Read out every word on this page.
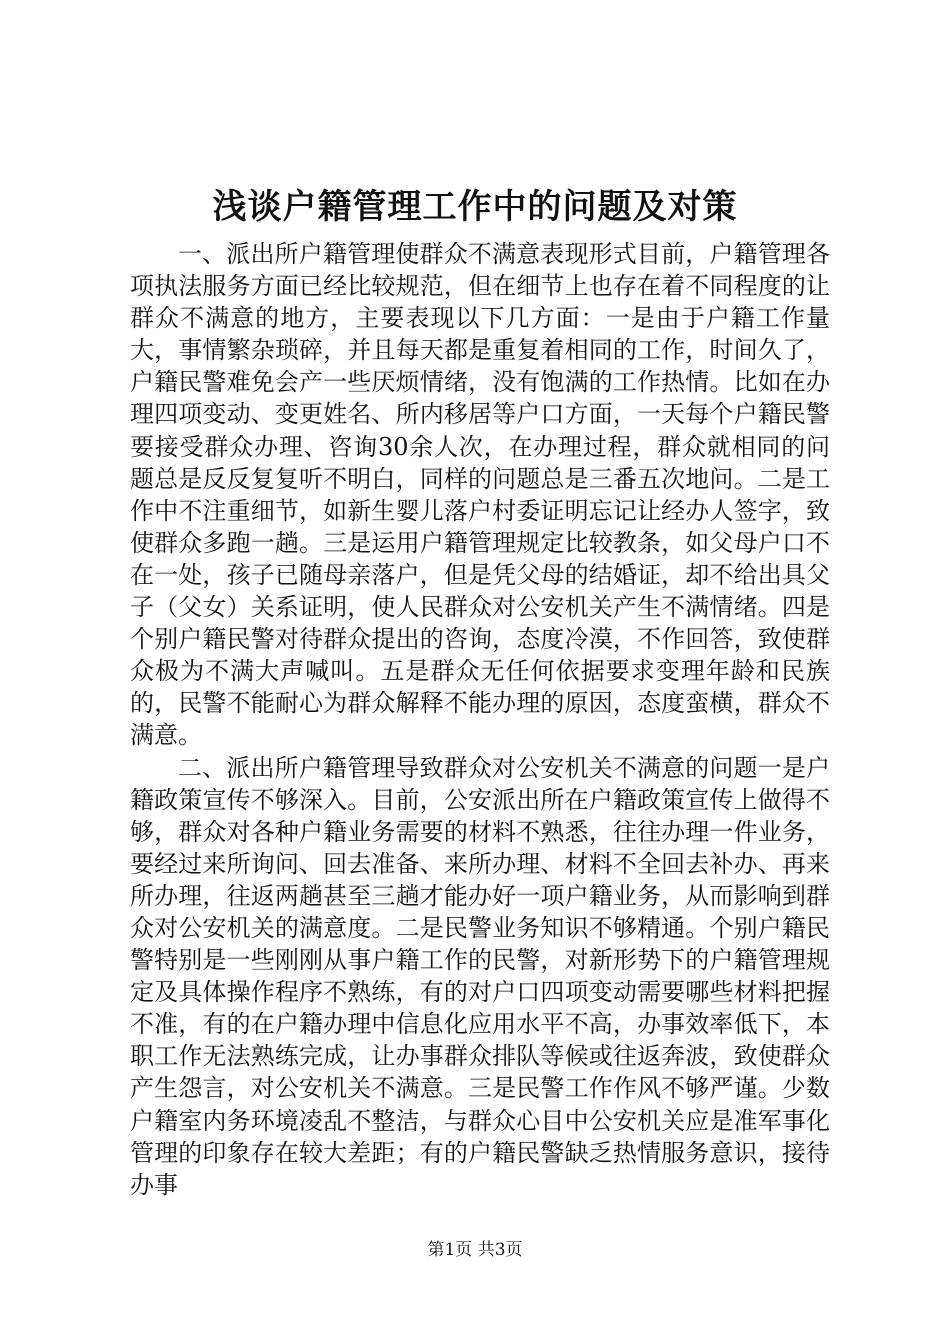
浅谈户籍管理工作中的问题及对策

一、派出所户籍管理使群众不满意表现形式目前，户籍管理各项执法服务方面已经比较规范，但在细节上也存在着不同程度的让群众不满意的地方，主要表现以下几方面：一是由于户籍工作量大，事情繁杂琐碎，并且每天都是重复着相同的工作，时间久了，户籍民警难免会产一些厌烦情绪，没有饱满的工作热情。比如在办理四项变动、变更姓名、所内移居等户口方面，一天每个户籍民警要接受群众办理、咨询30余人次，在办理过程，群众就相同的问题总是反反复复听不明白，同样的问题总是三番五次地问。二是工作中不注重细节，如新生婴儿落户村委证明忘记让经办人签字，致使群众多跑一趟。三是运用户籍管理规定比较教条，如父母户口不在一处，孩子已随母亲落户，但是凭父母的结婚证，却不给出具父子（父女）关系证明，使人民群众对公安机关产生不满情绪。四是个别户籍民警对待群众提出的咨询，态度冷漠，不作回答，致使群众极为不满大声喊叫。五是群众无任何依据要求变理年龄和民族的，民警不能耐心为群众解释不能办理的原因，态度蛮横，群众不满意。

二、派出所户籍管理导致群众对公安机关不满意的问题一是户籍政策宣传不够深入。目前，公安派出所在户籍政策宣传上做得不够，群众对各种户籍业务需要的材料不熟悉，往往办理一件业务，要经过来所询问、回去准备、来所办理、材料不全回去补办、再来所办理，往返两趟甚至三趟才能办好一项户籍业务，从而影响到群众对公安机关的满意度。二是民警业务知识不够精通。个别户籍民警特别是一些刚刚从事户籍工作的民警，对新形势下的户籍管理规定及具体操作程序不熟练，有的对户口四项变动需要哪些材料把握不准，有的在户籍办理中信息化应用水平不高，办事效率低下，本职工作无法熟练完成，让办事群众排队等候或往返奔波，致使群众产生怨言，对公安机关不满意。三是民警工作作风不够严谨。少数户籍室内务环境凌乱不整洁，与群众心目中公安机关应是准军事化管理的印象存在较大差距；有的户籍民警缺乏热情服务意识，接待办事

第1页 共3页
